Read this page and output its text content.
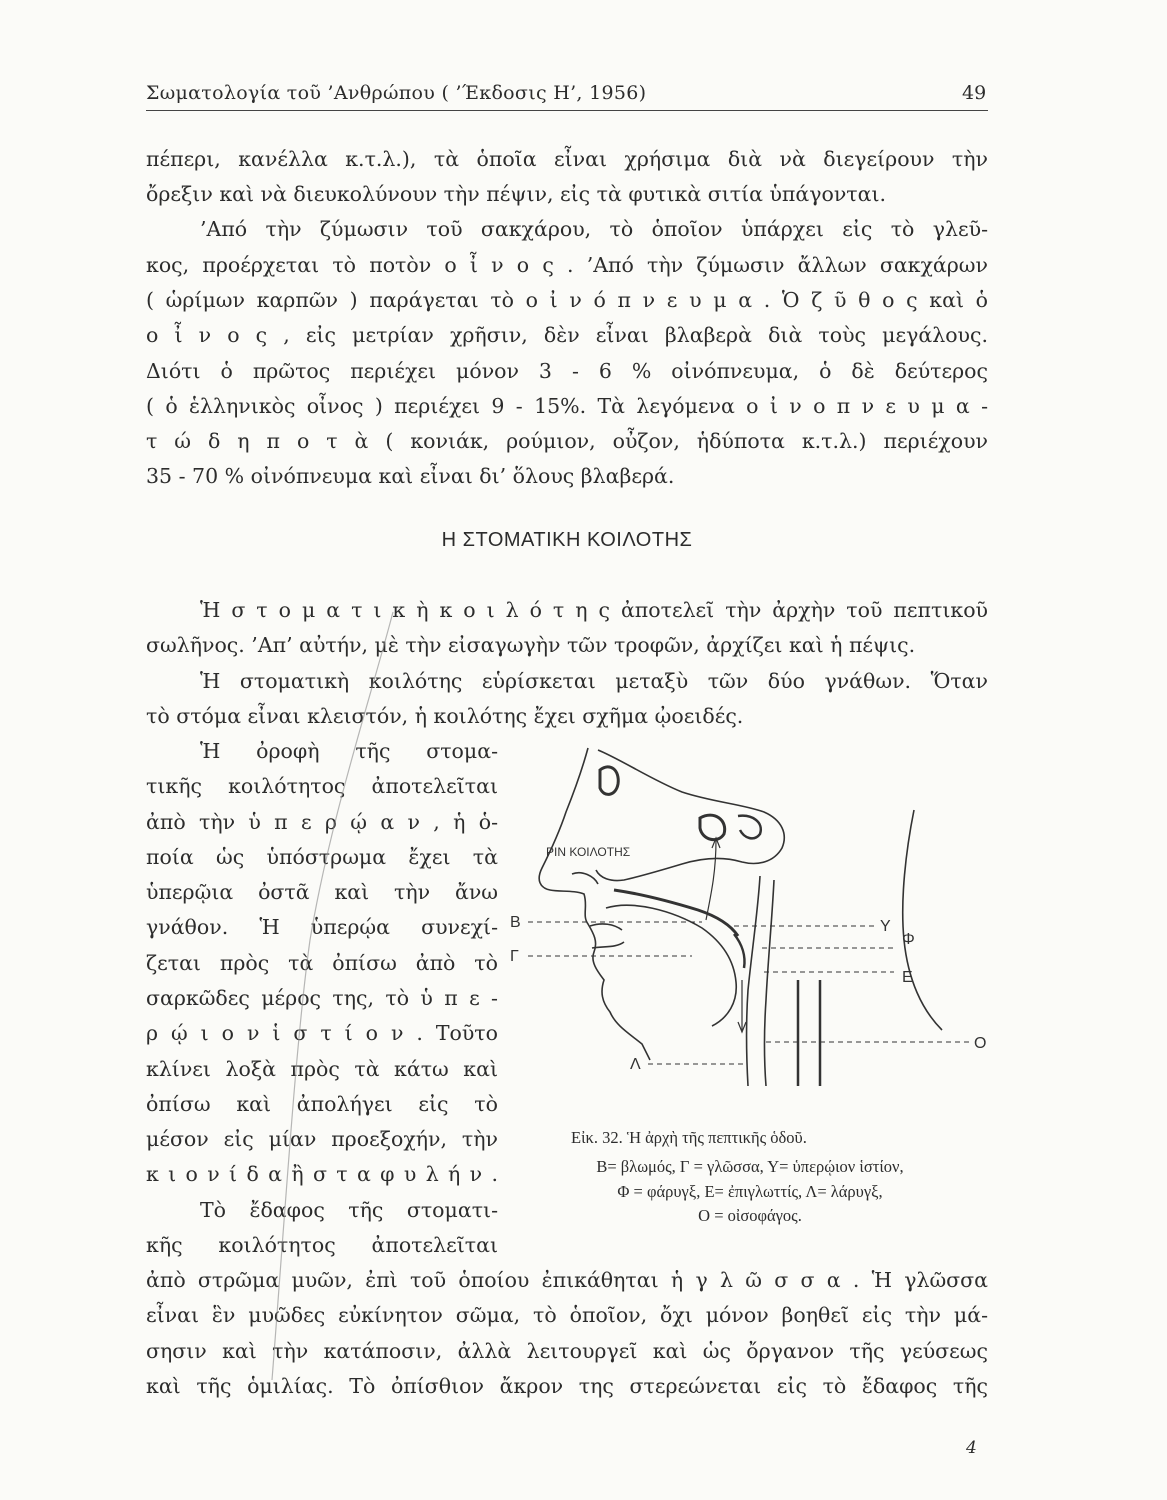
Σωματολογία τοῦ ’Ανθρώπου ( ’Έκδοσις Η’, 1956)	49
πέπερι, κανέλλα κ.τ.λ.), τὰ ὁποῖα εἶναι χρήσιμα διὰ νὰ διεγείρουν τὴν
ὄρεξιν καὶ νὰ διευκολύνουν τὴν πέψιν, εἰς τὰ φυτικὰ σιτία ὑπάγονται.
’Από τὴν ζύμωσιν τοῦ σακχάρου, τὸ ὁποῖον ὑπάρχει εἰς τὸ γλεῦ-
κος, προέρχεται τὸ ποτὸν ο ἶ ν ο ς . ’Από τὴν ζύμωσιν ἄλλων σακχάρων
( ὡρίμων καρπῶν ) παράγεται τὸ ο ἰ ν ό π ν ε υ μ α . Ὁ ζ ῦ θ ο ς καὶ ὁ
ο ἶ ν ο ς , εἰς μετρίαν χρῆσιν, δὲν εἶναι βλαβερὰ διὰ τοὺς μεγάλους.
Διότι ὁ πρῶτος περιέχει μόνον 3 - 6 % οἰνόπνευμα, ὁ δὲ δεύτερος
( ὁ ἑλληνικὸς οἶνος ) περιέχει 9 - 15%. Τὰ λεγόμενα ο ἰ ν ο π ν ε υ μ α -
τ ώ δ η π ο τ ὰ ( κονιάκ, ρούμιον, οὖζον, ἡδύποτα κ.τ.λ.) περιέχουν
35 - 70 % οἰνόπνευμα καὶ εἶναι δι’ ὅλους βλαβερά.
Η ΣΤΟΜΑΤΙΚΗ ΚΟΙΛΟΤΗΣ
Ἡ σ τ ο μ α τ ι κ ὴ κ ο ι λ ό τ η ς ἀποτελεῖ τὴν ἀρχὴν τοῦ πεπτικοῦ
σωλῆνος. ’Απ’ αὐτήν, μὲ τὴν εἰσαγωγὴν τῶν τροφῶν, ἀρχίζει καὶ ἡ πέψις.
Ἡ στοματικὴ κοιλότης εὑρίσκεται μεταξὺ τῶν δύο γνάθων. Ὅταν
τὸ στόμα εἶναι κλειστόν, ἡ κοιλότης ἔχει σχῆμα ᾠοειδές.
Ἡ ὀροφὴ τῆς στομα-
τικῆς κοιλότητος ἀποτελεῖται
ἀπὸ τὴν ὑ π ε ρ ῴ α ν , ἡ ὁ-
ποία ὡς ὑπόστρωμα ἔχει τὰ
ὑπερῷια ὀστᾶ καὶ τὴν ἄνω
γνάθον. Ἡ ὑπερῴα συνεχί-
ζεται πρὸς τὰ ὀπίσω ἀπὸ τὸ
σαρκῶδες μέρος της, τὸ ὑ π ε -
ρ ῴ ι ο ν ἱ σ τ ί ο ν . Τοῦτο
κλίνει λοξὰ πρὸς τὰ κάτω καὶ
ὀπίσω καὶ ἀπολήγει εἰς τὸ
μέσον εἰς μίαν προεξοχήν, τὴν
κ ι ο ν ί δ α ἢ σ τ α φ υ λ ή ν .
Τὸ ἔδαφος τῆς στοματι-
κῆς κοιλότητος ἀποτελεῖται
ΡΙΝ ΚΟΙΛΟΤΗΣ
Β
Γ
Υ
Φ
Ε
Ο
Λ
Εἰκ. 32. Ἡ ἀρχὴ τῆς πεπτικῆς ὁδοῦ.
Β= βλωμός, Γ = γλῶσσα, Υ= ὑπερῴιον ἱστίον,
Φ = φάρυγξ, Ε= ἐπιγλωττίς, Λ= λάρυγξ,
Ο = οἰσοφάγος.
ἀπὸ στρῶμα μυῶν, ἐπὶ τοῦ ὁποίου ἐπικάθηται ἡ γ λ ῶ σ σ α . Ἡ γλῶσσα
εἶναι ἓν μυῶδες εὐκίνητον σῶμα, τὸ ὁποῖον, ὄχι μόνον βοηθεῖ εἰς τὴν μά-
σησιν καὶ τὴν κατάποσιν, ἀλλὰ λειτουργεῖ καὶ ὡς ὄργανον τῆς γεύσεως
καὶ τῆς ὁμιλίας. Τὸ ὀπίσθιον ἄκρον της στερεώνεται εἰς τὸ ἔδαφος τῆς
4
